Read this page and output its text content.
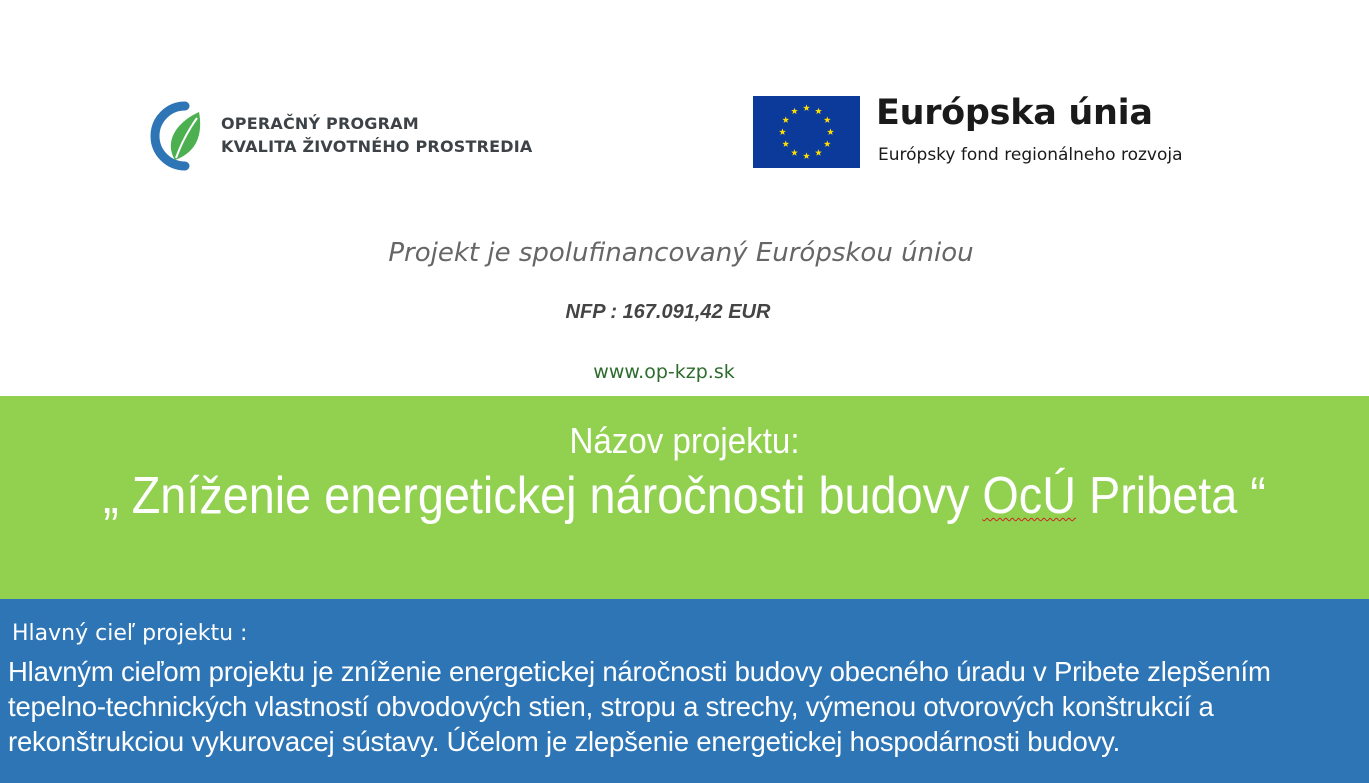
OPERAČNÝ PROGRAM
KVALITA ŽIVOTNÉHO PROSTREDIA
Európska únia
Európsky fond regionálneho rozvoja
Projekt je spolufinancovaný Európskou úniou
NFP : 167.091,42 EUR
www.op-kzp.sk
Názov projektu:
„ Zníženie energetickej náročnosti budovy OcÚ Pribeta “
Hlavný cieľ projektu :
Hlavným cieľom projektu je zníženie energetickej náročnosti budovy obecného úradu v Pribete zlepšením
tepelno-technických vlastností obvodových stien, stropu a strechy, výmenou otvorových konštrukcií a
rekonštrukciou vykurovacej sústavy. Účelom je zlepšenie energetickej hospodárnosti budovy.
